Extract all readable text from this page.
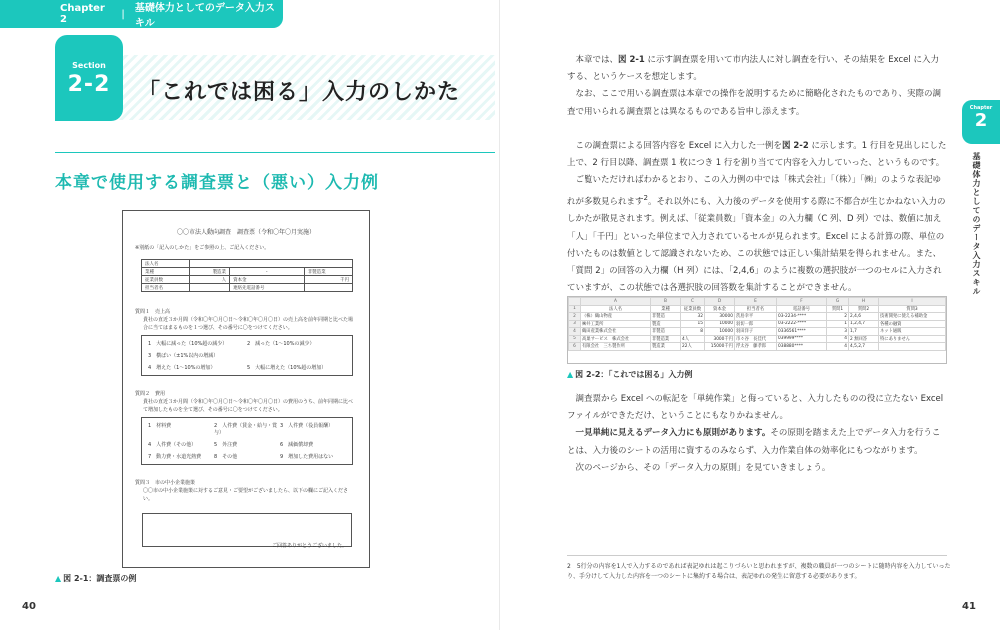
Chapter 2	| 基礎体力としてのデータ入力スキル
Section
2-2	「これでは困る」入力のしかた
本章で使用する調査票と（悪い）入力例
〇〇市法人動向調査　調査票（令和〇年〇月実施）
※別紙の「記入のしかた」をご参照の上、ご記入ください。
法人名			
業種	製造業	・	非製造業
従業員数	人	資本金	千円
担当者名		連絡先電話番号	
質問１　売上高
貴社の直近３か月間（令和〇年〇月〇日〜令和〇年〇月〇日）の売上高を前年同期と比べた場合に当てはまるものを１つ選び、その番号に〇をつけてください。
1　大幅に減った（10%超の減少）	2　減った（1〜10%の減少）
3　横ばい（±1%以内の増減）
4　増えた（1〜10%の増加）	5　大幅に増えた（10%超の増加）
質問２　費用
貴社の直近３か月間（令和〇年〇月〇日〜令和〇年〇月〇日）の費用のうち、前年同期に比べて増加したものを全て選び、その番号に〇をつけてください。
1　材料費	2　人件費（賃金・給与・賞与）
3　人件費（役員報酬）
4　人件費（その他）	5　外注費	6　減価償却費
7　動力費・水道光熱費	8　その他	9　増加した費用はない
質問３　市の中小企業施策
〇〇市の中小企業施策に対するご意見・ご要望がございましたら、以下の欄にご記入ください。
ご回答ありがとうございました。
▲ 図 2-1：調査票の例
40

本章では、図 2-1 に示す調査票を用いて市内法人に対し調査を行い、その結果を Excel に入力する、というケースを想定します。

なお、ここで用いる調査票は本章での操作を説明するために簡略化されたものであり、実際の調査で用いられる調査票とは異なるものである旨申し添えます。

この調査票による回答内容を Excel に入力した一例を図 2-2 に示します。1 行目を見出しにした上で、2 行目以降、調査票 1 枚につき 1 行を割り当てて内容を入力していった、というものです。

ご覧いただければわかるとおり、この入力例の中では「株式会社」「（株）」「㈱」のような表記ゆれが多数見られます$^2$。それ以外にも、入力後のデータを使用する際に不都合が生じかねない入力のしかたが散見されます。例えば、「従業員数」「資本金」の入力欄（C 列、D 列）では、数値に加え「人」「千円」といった単位まで入力されているセルが見られます。Excel による計算の際、単位の付いたものは数値として認識されないため、この状態では正しい集計結果を得られません。また、「質問 2」の回答の入力欄（H 列）には、「2,4,6」のように複数の選択肢が一つのセルに入力されていますが、この状態では各選択肢の回答数を集計することができません。

Chapter
2
基礎体力としてのデータ入力スキル
	A	B	C	D	E	F	G	H	I
1	法人名	業種	従業員数	資本金	担当者名	電話番号	質問1	質問2	質問3
2	（株）鶴山物産	非製造	32	30000	茨島幸平	03-2234-****	2	2,4,6	技術開発に使える補助金
3	㈱井工業所	製造	15	10000	羽切一郎	03-2222-****	1	1,2,4,7	各種の融資
4	鶴田産業株式会社	非製造	8	10000	羽田洋子	0336561****	3	1,7	ネット通販
5	高巣サービス　株式会社	非製造業	4人	3000千円	市々谷　長佳代	039999****	4	2 無回答	特にありません
6	有限会社　三ち製作所	製造業	22人	15000千円	浮太谷　藤孝郎	038880****	4	4,5,2,7	
▲ 図 2-2：「これでは困る」入力例

調査票から Excel への転記を「単純作業」と侮っていると、入力したものの役に立たない Excel ファイルができただけ、ということにもなりかねません。

一見単純に見えるデータ入力にも原則があります。その原則を踏まえた上でデータ入力を行うことは、入力後のシートの活用に資するのみならず、入力作業自体の効率化にもつながります。

次のページから、その「データ入力の原則」を見ていきましょう。

2　5行分の内容を1人で入力するのであれば表記ゆれは起こりづらいと思われますが、複数の職員が一つのシートに随時内容を入力していったり、手分けして入力した内容を一つのシートに集約する場合は、表記ゆれの発生に留意する必要があります。
41
